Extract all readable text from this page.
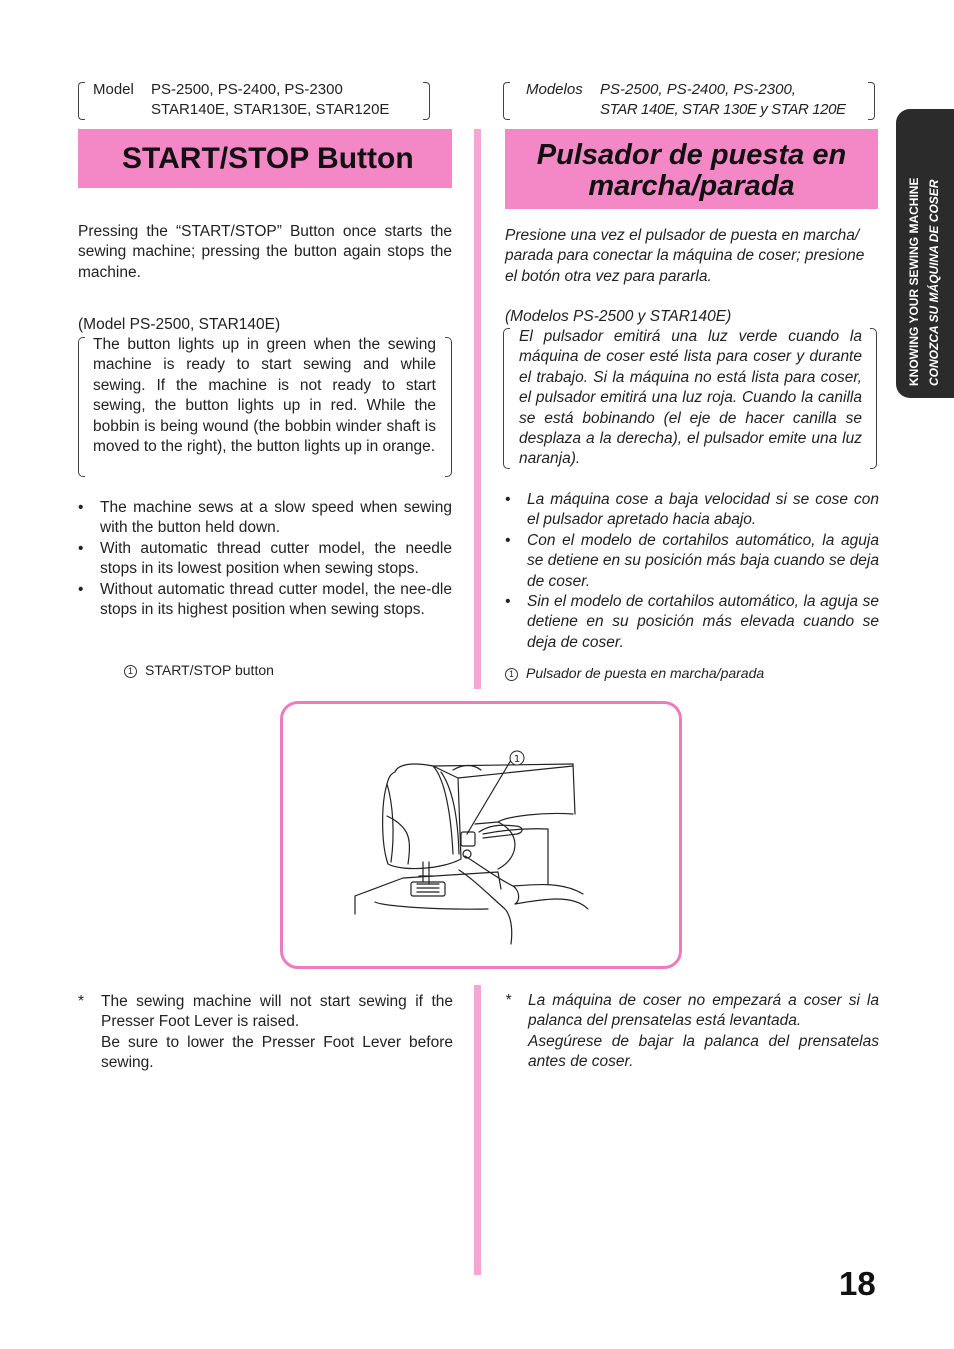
Model PS-2500, PS-2400, PS-2300
STAR140E, STAR130E, STAR120E
START/STOP Button
Pressing the “START/STOP” Button once starts the sewing machine; pressing the button again stops the machine.
(Model PS-2500, STAR140E)
The button lights up in green when the sewing machine is ready to start sewing and while sewing. If the machine is not ready to start sewing, the button lights up in red. While the bobbin is being wound (the bobbin winder shaft is moved to the right), the button lights up in orange.
• The machine sews at a slow speed when sewing with the button held down.
• With automatic thread cutter model, the needle stops in its lowest position when sewing stops.
• Without automatic thread cutter model, the nee-dle stops in its highest position when sewing stops.
1 START/STOP button
Modelos PS-2500, PS-2400, PS-2300,
STAR 140E, STAR 130E y STAR 120E
Pulsador de puesta en
marcha/parada
Presione una vez el pulsador de puesta en marcha/ parada para conectar la máquina de coser; presione el botón otra vez para pararla.
(Modelos PS-2500 y STAR140E)
El pulsador emitirá una luz verde cuando la máquina de coser esté lista para coser y durante el trabajo. Si la máquina no está lista para coser, el pulsador emitirá una luz roja. Cuando la canilla se está bobinando (el eje de hacer canilla se desplaza a la derecha), el pulsador emite una luz naranja).
• La máquina cose a baja velocidad si se cose con el pulsador apretado hacia abajo.
• Con el modelo de cortahilos automático, la aguja se detiene en su posición más baja cuando se deja de coser.
• Sin el modelo de cortahilos automático, la aguja se detiene en su posición más elevada cuando se deja de coser.
1 Pulsador de puesta en marcha/parada
1
* The sewing machine will not start sewing if the Presser Foot Lever is raised.
Be sure to lower the Presser Foot Lever before sewing.
* La máquina de coser no empezará a coser si la palanca del prensatelas está levantada.
Asegúrese de bajar la palanca del prensatelas antes de coser.
KNOWING YOUR SEWING MACHINE CONOZCA SU MÁQUINA DE COSER
18
